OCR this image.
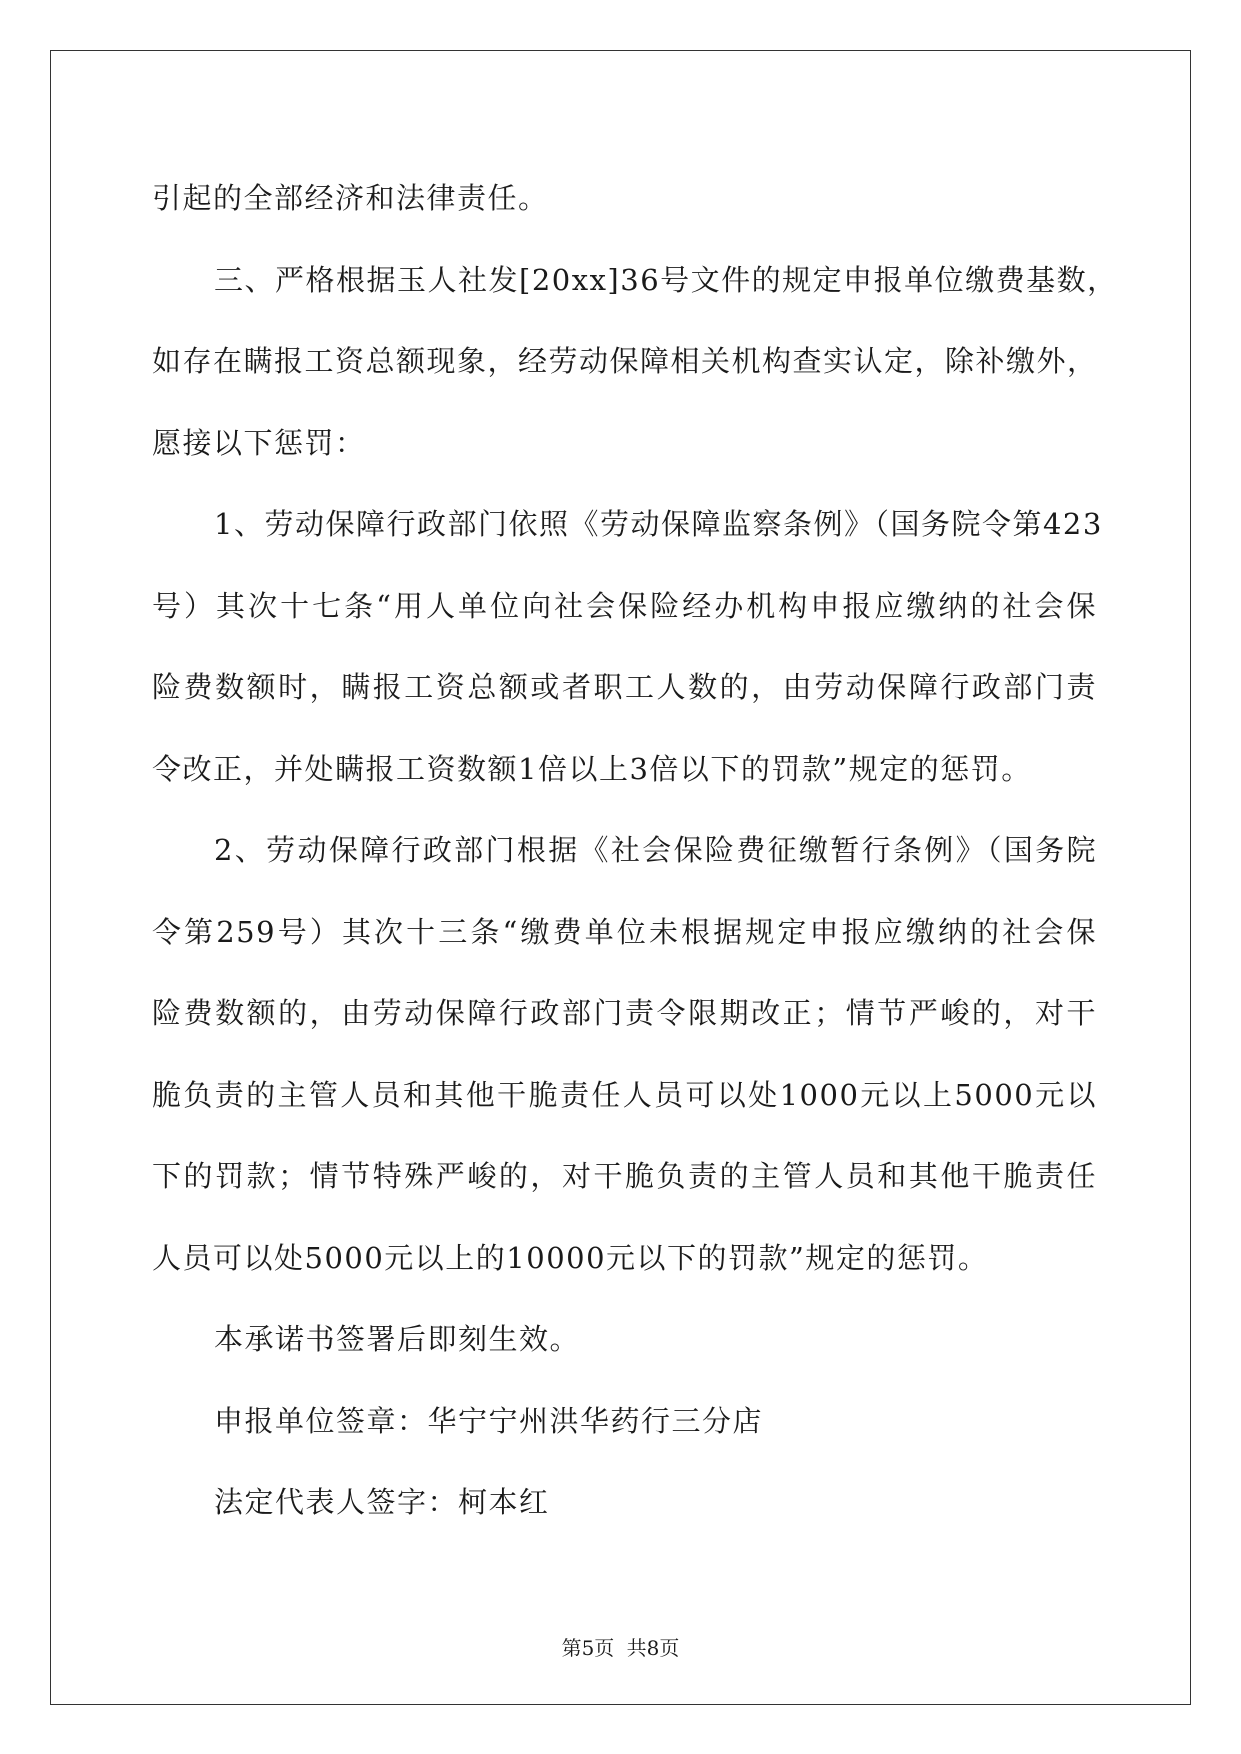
引起的全部经济和法律责任。
三、严格根据玉人社发[20xx]36号文件的规定申报单位缴费基数，
如存在瞒报工资总额现象，经劳动保障相关机构查实认定，除补缴外，
愿接以下惩罚：
1、劳动保障行政部门依照《劳动保障监察条例》（国务院令第423
号）其次十七条“用人单位向社会保险经办机构申报应缴纳的社会保
险费数额时，瞒报工资总额或者职工人数的，由劳动保障行政部门责
令改正，并处瞒报工资数额1倍以上3倍以下的罚款”规定的惩罚。
2、劳动保障行政部门根据《社会保险费征缴暂行条例》（国务院
令第259号）其次十三条“缴费单位未根据规定申报应缴纳的社会保
险费数额的，由劳动保障行政部门责令限期改正；情节严峻的，对干
脆负责的主管人员和其他干脆责任人员可以处1000元以上5000元以
下的罚款；情节特殊严峻的，对干脆负责的主管人员和其他干脆责任
人员可以处5000元以上的10000元以下的罚款”规定的惩罚。
本承诺书签署后即刻生效。
申报单位签章：华宁宁州洪华药行三分店
法定代表人签字：柯本红
第5页 共8页
